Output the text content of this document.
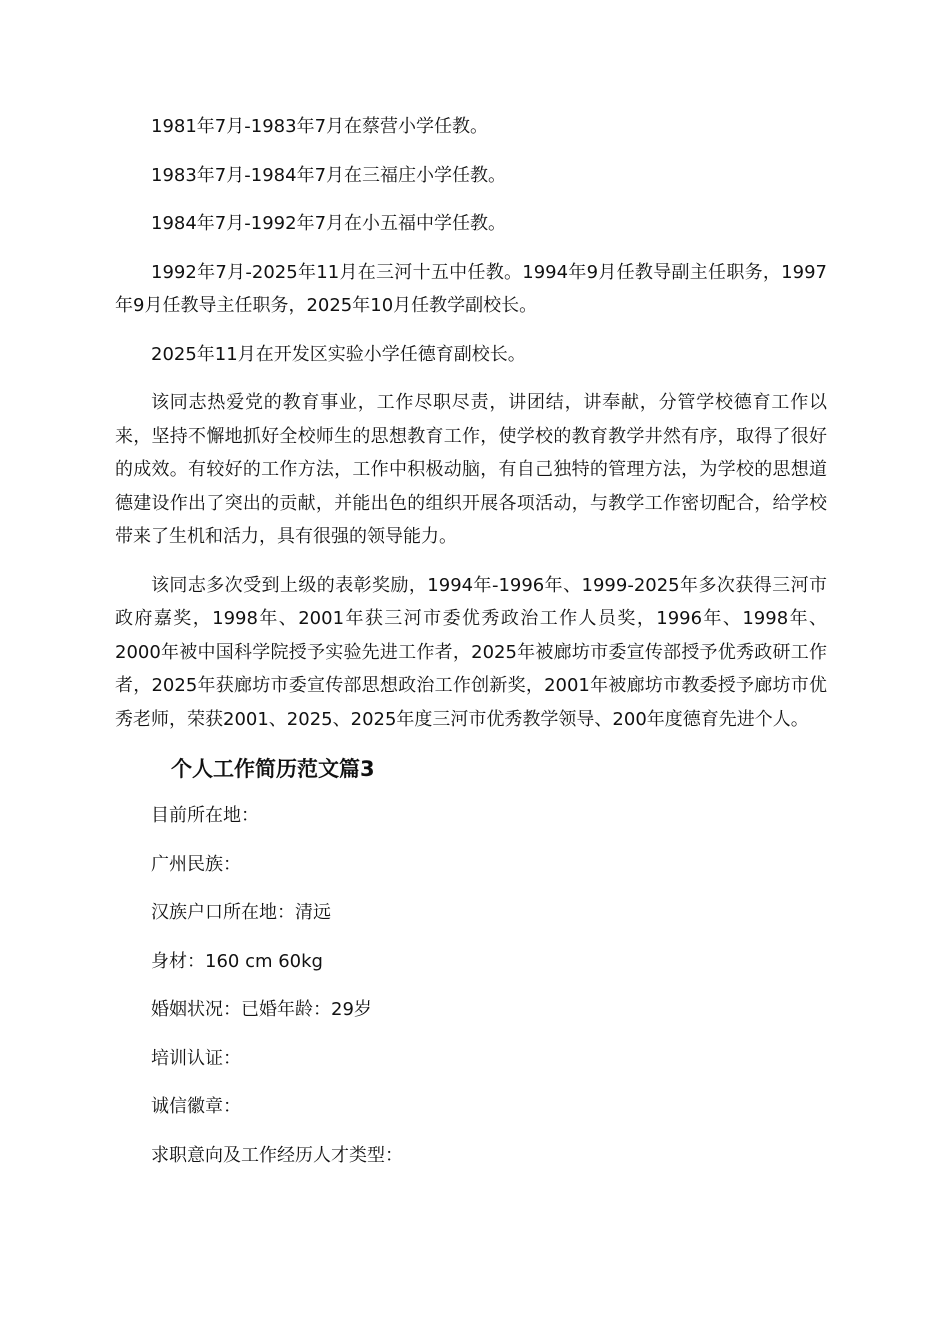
1981年7月-1983年7月在蔡营小学任教。

1983年7月-1984年7月在三福庄小学任教。

1984年7月-1992年7月在小五福中学任教。

1992年7月-2025年11月在三河十五中任教。1994年9月任教导副主任职务，1997年9月任教导主任职务，2025年10月任教学副校长。

2025年11月在开发区实验小学任德育副校长。

该同志热爱党的教育事业，工作尽职尽责，讲团结，讲奉献，分管学校德育工作以来，坚持不懈地抓好全校师生的思想教育工作，使学校的教育教学井然有序，取得了很好的成效。有较好的工作方法，工作中积极动脑，有自己独特的管理方法，为学校的思想道德建设作出了突出的贡献，并能出色的组织开展各项活动，与教学工作密切配合，给学校带来了生机和活力，具有很强的领导能力。

该同志多次受到上级的表彰奖励，1994年-1996年、1999-2025年多次获得三河市政府嘉奖，1998年、2001年获三河市委优秀政治工作人员奖，1996年、1998年、2000年被中国科学院授予实验先进工作者，2025年被廊坊市委宣传部授予优秀政研工作者，2025年获廊坊市委宣传部思想政治工作创新奖，2001年被廊坊市教委授予廊坊市优秀老师，荣获2001、2025、2025年度三河市优秀教学领导、200年度德育先进个人。

个人工作简历范文篇3

目前所在地：

广州民族：

汉族户口所在地：清远

身材：160 cm 60kg

婚姻状况：已婚年龄：29岁

培训认证：

诚信徽章：

求职意向及工作经历人才类型：
